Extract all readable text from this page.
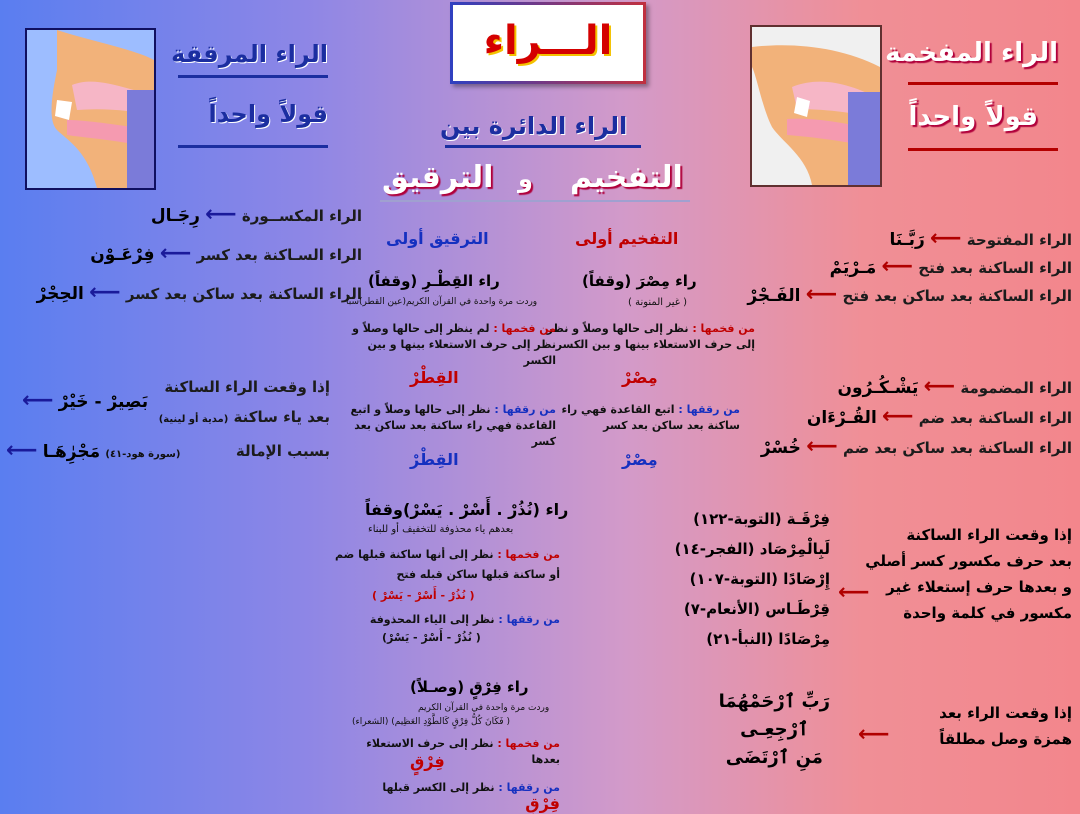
الـــراء
الراء المرققة
قولاً واحداً
الراء المفخمة
قولاً واحداً
الراء الدائرة بين
التفخيم
و
الترقيق
الراء المكســورة ⟵ رِجَـال
الراء السـاكنة بعد كسر ⟵ فِرْعَـوْن
الراء الساكنة بعد ساكن بعد كسر ⟵ الحِجْرْ
إذا وقعت الراء الساكنة
بَصِيرْ - خَيْرْ ⟵
بعد ياء ساكنة (مدية أو لينية)
بسبب الإمالة
(سورة هود-٤١) مَجْرِٰهَـا ⟵
الراء المفتوحة ⟵ رَبَّـنَا
الراء الساكنة بعد فتح ⟵ مَـرْيَمْ
الراء الساكنة بعد ساكن بعد فتح ⟵ الفَـجْرْ
الراء المضمومة ⟵ يَشْـكُـرُون
الراء الساكنة بعد ضم ⟵ القُـرْءَان
الراء الساكنة بعد ساكن بعد ضم ⟵ خُسْرْ
إذا وقعت الراء الساكنة
بعد حرف مكسور كسر أصلي
و بعدها حرف إستعلاء غير
مكسور في كلمة واحدة
⟵
فِرْقَـة (التوبة-١٢٢)
لَبِالْمِرْصَاد (الفجر-١٤)
إِرْصَادًا (التوبة-١٠٧)
قِرْطَـاس (الأنعام-٧)
مِرْصَادًا (النبأ-٢١)
إذا وقعت الراء بعد
همزة وصل مطلقاً
⟵
رَبِّ ٱرْحَمْهُمَا
ٱرْجِعِـى
مَنِ ٱرْتَضَى
التفخيم أولى
الترقيق أولى
راء مِصْرَ (وقفاً)
( غير المنونة )
من فخمها : نظر إلى حالها وصلاً و نظر إلى حرف الاستعلاء بينها و بين الكسر
مِصْرْ
من رققها : اتبع القاعدة فهي راء ساكنة بعد ساكن بعد كسر
مِصْرْ
راء القِطْـرِ (وقفاً)
وردت مرة واحدة في القرآن الكريم(عين القطر)سبأ
من فخمها : لم ينظر إلى حالها وصلاً و نظر إلى حرف الاستعلاء بينها و بين الكسر
القِطْرْ
من رققها : نظر إلى حالها وصلاً و اتبع القاعدة فهي راء ساكنة بعد ساكن بعد كسر
القِطْرْ
راء (نُذُرْ . أَسْرْ . يَسْرْ)وقفاً
بعدهم ياء محذوفة للتخفيف أو للبناء
من فخمها : نظر إلى أنها ساكنة قبلها ضم أو ساكنة قبلها ساكن قبله فتح
( نُذُرْ - أَسْرْ - يَسْرْ )
من رققها : نظر إلى الياء المحذوفة
( نُذُرْ - أَسْرْ - يَسْرْ)
راء فِرْقٍ (وصـلاً)
وردت مرة واحدة في القرآن الكريم
( فَكَانَ كُلُّ فِرْقٍ كَالطَّوْدِ العَظِيم) (الشعراء)
من فخمها : نظر إلى حرف الاستعلاء بعدها
فِرْقٍ
من رققها : نظر إلى الكسر قبلها فِرْقٍ
